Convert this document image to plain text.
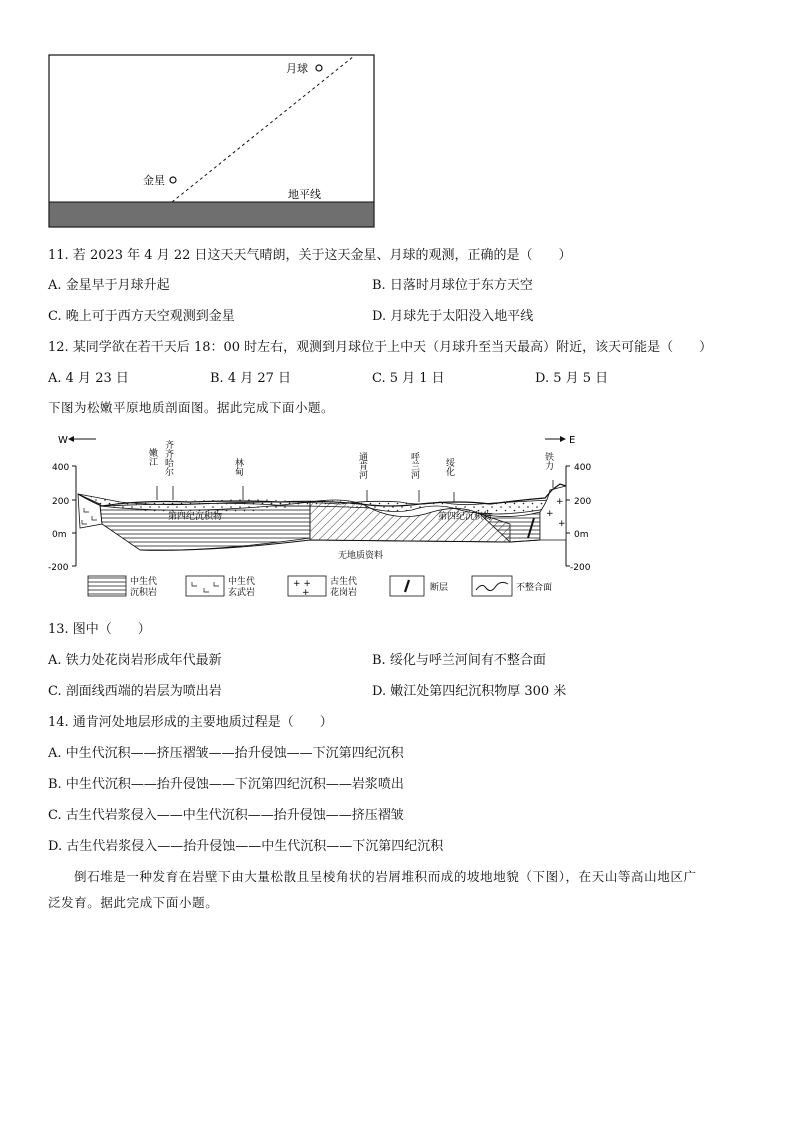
月球
金星
地平线
11. 若 2023 年 4 月 22 日这天天气晴朗，关于这天金星、月球的观测，正确的是（　　）
A. 金星早于月球升起	B. 日落时月球位于东方天空
C. 晚上可于西方天空观测到金星	D. 月球先于太阳没入地平线
12. 某同学欲在若干天后 18：00 时左右，观测到月球位于上中天（月球升至当天最高）附近，该天可能是（　　）
A. 4 月 23 日	B. 4 月 27 日	C. 5 月 1 日	D. 5 月 5 日
下图为松嫩平原地质剖面图。据此完成下面小题。
W	E
400
200
0m
-200
400
200
0m
-200
+
+
+
无地质资料
第四纪沉积物	第四纪沉积物
嫩江 齐齐哈尔	林甸	通肯河	呼兰河	绥化	铁力
中生代
沉积岩
中生代
玄武岩
+ +
+
古生代
花岗岩	断层	不整合面
13. 图中（　　）
A. 铁力处花岗岩形成年代最新	B. 绥化与呼兰河间有不整合面
C. 剖面线西端的岩层为喷出岩	D. 嫩江处第四纪沉积物厚 300 米
14. 通肯河处地层形成的主要地质过程是（　　）
A. 中生代沉积——挤压褶皱——抬升侵蚀——下沉第四纪沉积
B. 中生代沉积——抬升侵蚀——下沉第四纪沉积——岩浆喷出
C. 古生代岩浆侵入——中生代沉积——抬升侵蚀——挤压褶皱
D. 古生代岩浆侵入——抬升侵蚀——中生代沉积——下沉第四纪沉积
倒石堆是一种发育在岩壁下由大量松散且呈棱角状的岩屑堆积而成的坡地地貌（下图），在天山等高山地区广
泛发育。据此完成下面小题。
